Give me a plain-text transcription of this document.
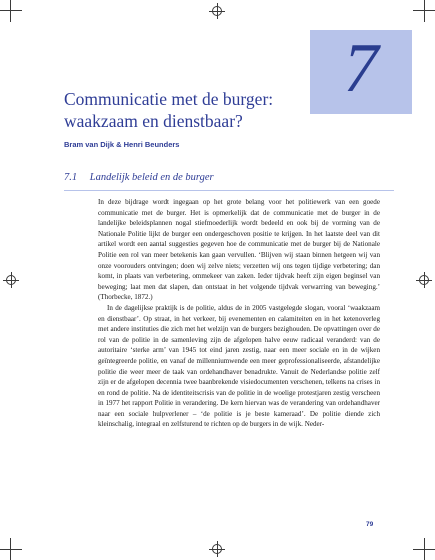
7
Communicatie met de burger:
waakzaam en dienstbaar?
Bram van Dijk & Henri Beunders
7.1 Landelijk beleid en de burger

In deze bijdrage wordt ingegaan op het grote belang voor het politiewerk van een goede communicatie met de burger. Het is opmerkelijk dat de communicatie met de burger in de landelijke beleidsplannen nogal stiefmoederlijk wordt bedeeld en ook bij de vorming van de Nationale Politie lijkt de burger een ondergeschoven positie te krijgen. In het laatste deel van dit artikel wordt een aantal suggesties gegeven hoe de communicatie met de burger bij de Nationale Politie een rol van meer betekenis kan gaan vervullen. ‘Blijven wij staan binnen hetgeen wij van onze voorouders ontvingen; doen wij zelve niets; verzetten wij ons tegen tijdige verbetering; dan komt, in plaats van verbetering, ommekeer van zaken. Ieder tijdvak heeft zijn eigen beginsel van beweging; laat men dat slapen, dan ontstaat in het volgende tijdvak verwarring van beweging.’ (Thorbecke, 1872.)

In de dagelijkse praktijk is de politie, aldus de in 2005 vastgelegde slogan, vooral ‘waakzaam en dienstbaar’. Op straat, in het verkeer, bij evenementen en calamiteiten en in het ketenoverleg met andere instituties die zich met het welzijn van de burgers bezighouden. De opvattingen over de rol van de politie in de samenleving zijn de afgelopen halve eeuw radicaal veranderd: van de autoritaire ‘sterke arm’ van 1945 tot eind jaren zestig, naar een meer sociale en in de wijken geïntegreerde politie, en vanaf de millenniumwende een meer geprofessionaliseerde, afstandelijke politie die weer meer de taak van ordehandhaver benadrukte. Vanuit de Nederlandse politie zelf zijn er de afgelopen decennia twee baanbrekende visiedocumenten verschenen, telkens na crises in en rond de politie. Na de identiteitscrisis van de politie in de woelige protestjaren zestig verscheen in 1977 het rapport Politie in verandering. De kern hiervan was de verandering van ordehandhaver naar een sociale hulpverlener – ‘de politie is je beste kameraad’. De politie diende zich kleinschalig, integraal en zelfsturend te richten op de burgers in de wijk. Neder-

79
